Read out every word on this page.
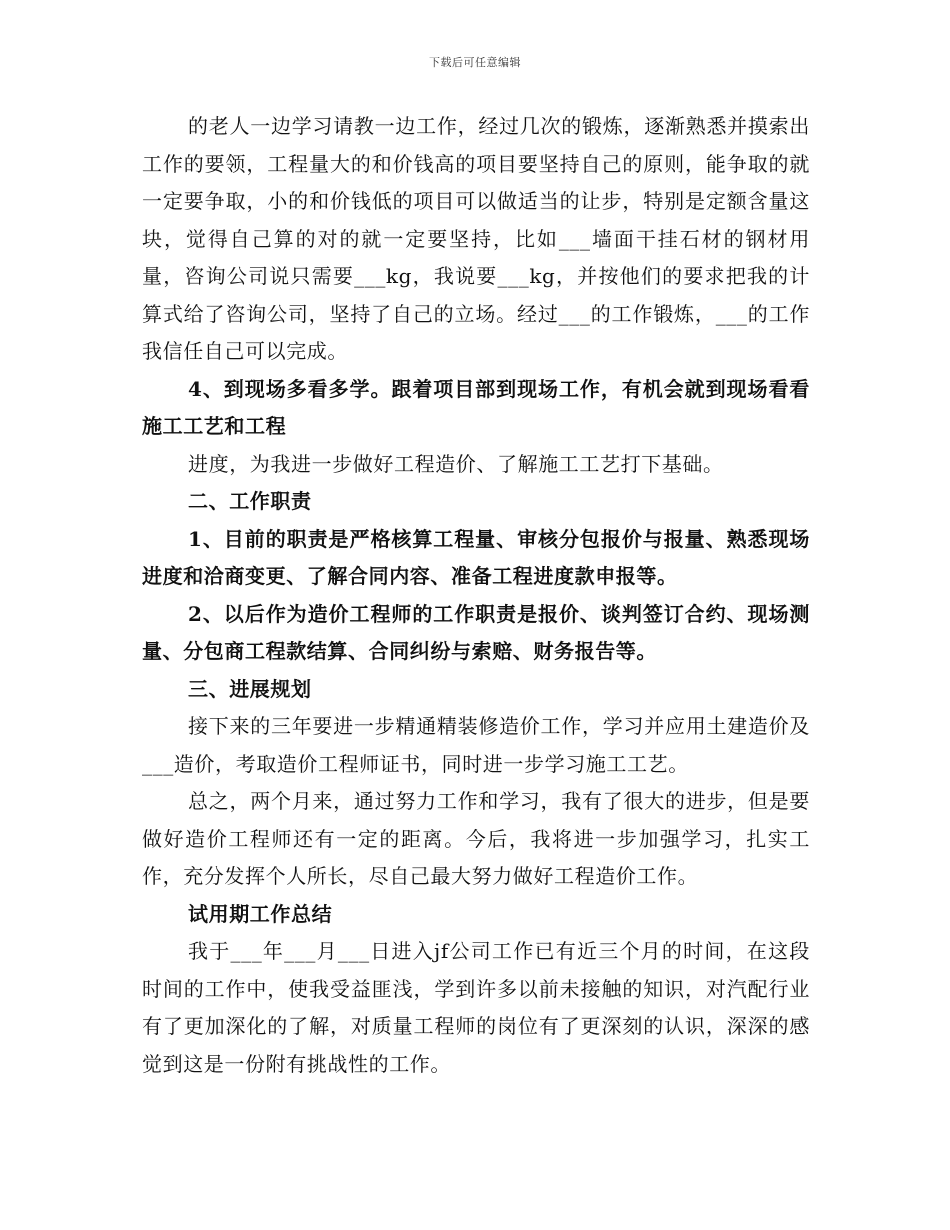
下载后可任意编辑

的老人一边学习请教一边工作，经过几次的锻炼，逐渐熟悉并摸索出工作的要领，工程量大的和价钱高的项目要坚持自己的原则，能争取的就一定要争取，小的和价钱低的项目可以做适当的让步，特别是定额含量这块，觉得自己算的对的就一定要坚持，比如___墙面干挂石材的钢材用量，咨询公司说只需要___kg，我说要___kg，并按他们的要求把我的计算式给了咨询公司，坚持了自己的立场。经过___的工作锻炼，___的工作我信任自己可以完成。

4、到现场多看多学。跟着项目部到现场工作，有机会就到现场看看施工工艺和工程

进度，为我进一步做好工程造价、了解施工工艺打下基础。

二、工作职责

1、目前的职责是严格核算工程量、审核分包报价与报量、熟悉现场进度和洽商变更、了解合同内容、准备工程进度款申报等。

2、以后作为造价工程师的工作职责是报价、谈判签订合约、现场测量、分包商工程款结算、合同纠纷与索赔、财务报告等。

三、进展规划

接下来的三年要进一步精通精装修造价工作，学习并应用土建造价及___造价，考取造价工程师证书，同时进一步学习施工工艺。

总之，两个月来，通过努力工作和学习，我有了很大的进步，但是要做好造价工程师还有一定的距离。今后，我将进一步加强学习，扎实工作，充分发挥个人所长，尽自己最大努力做好工程造价工作。

试用期工作总结

我于___年___月___日进入jf公司工作已有近三个月的时间，在这段时间的工作中，使我受益匪浅，学到许多以前未接触的知识，对汽配行业有了更加深化的了解，对质量工程师的岗位有了更深刻的认识，深深的感觉到这是一份附有挑战性的工作。
